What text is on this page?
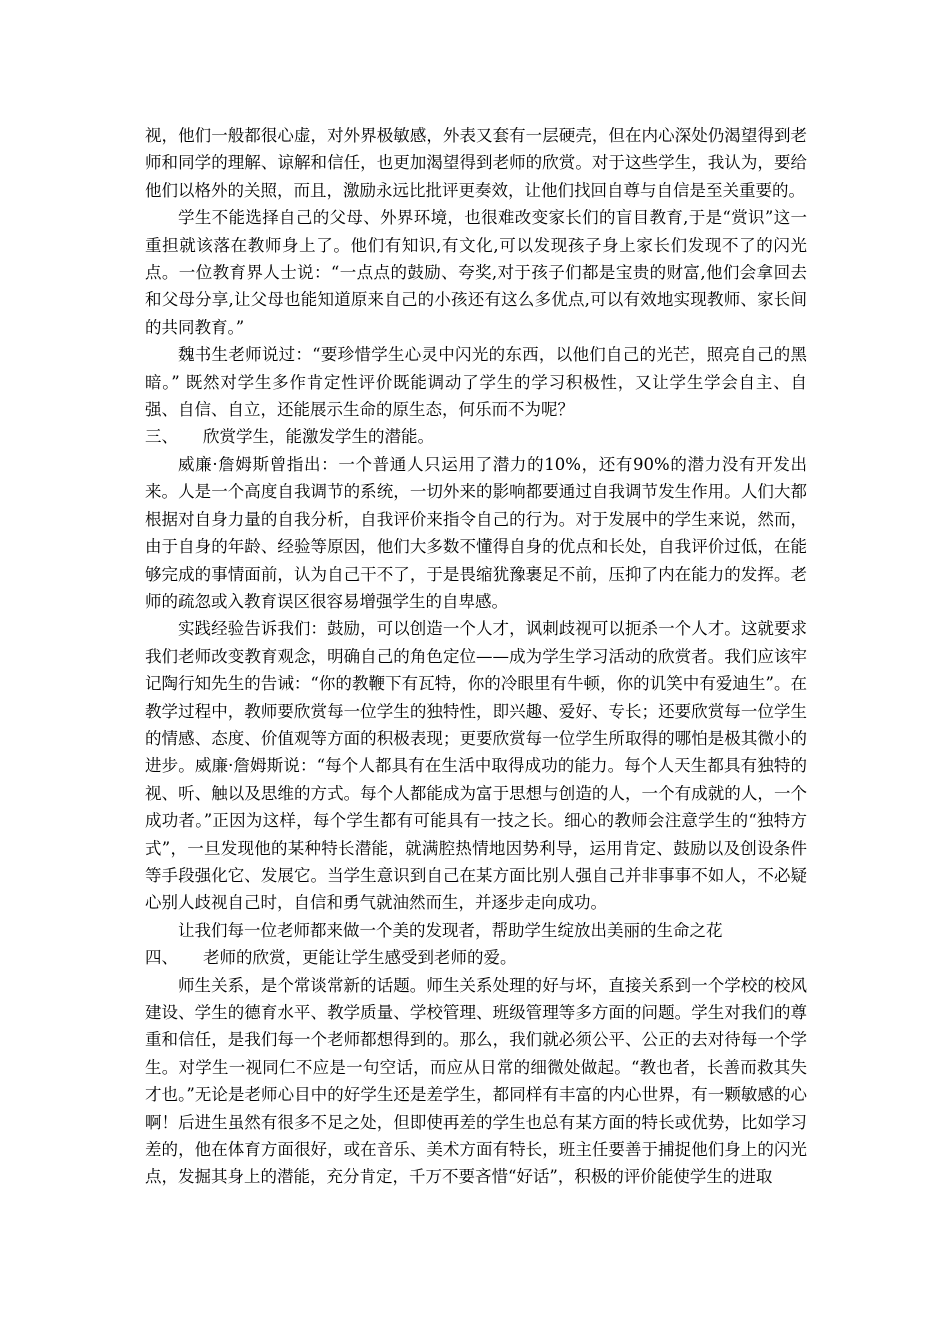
视，他们一般都很心虚，对外界极敏感，外表又套有一层硬壳，但在内心深处仍渴望得到老师和同学的理解、谅解和信任，也更加渴望得到老师的欣赏。对于这些学生，我认为，要给他们以格外的关照，而且，激励永远比批评更奏效，让他们找回自尊与自信是至关重要的。

学生不能选择自己的父母、外界环境，也很难改变家长们的盲目教育,于是“赏识”这一重担就该落在教师身上了。他们有知识,有文化,可以发现孩子身上家长们发现不了的闪光点。一位教育界人士说：“一点点的鼓励、夸奖,对于孩子们都是宝贵的财富,他们会拿回去和父母分享,让父母也能知道原来自己的小孩还有这么多优点,可以有效地实现教师、家长间的共同教育。”

魏书生老师说过：“要珍惜学生心灵中闪光的东西，以他们自己的光芒，照亮自己的黑暗。” 既然对学生多作肯定性评价既能调动了学生的学习积极性，又让学生学会自主、自强、自信、自立，还能展示生命的原生态，何乐而不为呢？

三、 欣赏学生，能激发学生的潜能。

威廉·詹姆斯曾指出：一个普通人只运用了潜力的10%，还有90%的潜力没有开发出来。人是一个高度自我调节的系统，一切外来的影响都要通过自我调节发生作用。人们大都根据对自身力量的自我分析，自我评价来指令自己的行为。对于发展中的学生来说，然而，由于自身的年龄、经验等原因，他们大多数不懂得自身的优点和长处，自我评价过低，在能够完成的事情面前，认为自己干不了，于是畏缩犹豫裹足不前，压抑了内在能力的发挥。老师的疏忽或入教育误区很容易增强学生的自卑感。

实践经验告诉我们：鼓励，可以创造一个人才，讽刺歧视可以扼杀一个人才。这就要求我们老师改变教育观念，明确自己的角色定位——成为学生学习活动的欣赏者。我们应该牢记陶行知先生的告诫：“你的教鞭下有瓦特，你的冷眼里有牛顿，你的讥笑中有爱迪生”。在教学过程中，教师要欣赏每一位学生的独特性，即兴趣、爱好、专长；还要欣赏每一位学生的情感、态度、价值观等方面的积极表现；更要欣赏每一位学生所取得的哪怕是极其微小的进步。威廉·詹姆斯说：“每个人都具有在生活中取得成功的能力。每个人天生都具有独特的视、听、触以及思维的方式。每个人都能成为富于思想与创造的人，一个有成就的人，一个成功者。”正因为这样，每个学生都有可能具有一技之长。细心的教师会注意学生的“独特方式”，一旦发现他的某种特长潜能，就满腔热情地因势利导，运用肯定、鼓励以及创设条件等手段强化它、发展它。当学生意识到自己在某方面比别人强自己并非事事不如人，不必疑心别人歧视自己时，自信和勇气就油然而生，并逐步走向成功。

让我们每一位老师都来做一个美的发现者，帮助学生绽放出美丽的生命之花

四、 老师的欣赏，更能让学生感受到老师的爱。

师生关系，是个常谈常新的话题。师生关系处理的好与坏，直接关系到一个学校的校风建设、学生的德育水平、教学质量、学校管理、班级管理等多方面的问题。学生对我们的尊重和信任，是我们每一个老师都想得到的。那么，我们就必须公平、公正的去对待每一个学生。对学生一视同仁不应是一句空话，而应从日常的细微处做起。“教也者，长善而救其失才也。”无论是老师心目中的好学生还是差学生，都同样有丰富的内心世界，有一颗敏感的心啊！后进生虽然有很多不足之处，但即使再差的学生也总有某方面的特长或优势，比如学习差的，他在体育方面很好，或在音乐、美术方面有特长，班主任要善于捕捉他们身上的闪光点，发掘其身上的潜能，充分肯定，千万不要吝惜“好话”，积极的评价能使学生的进取
